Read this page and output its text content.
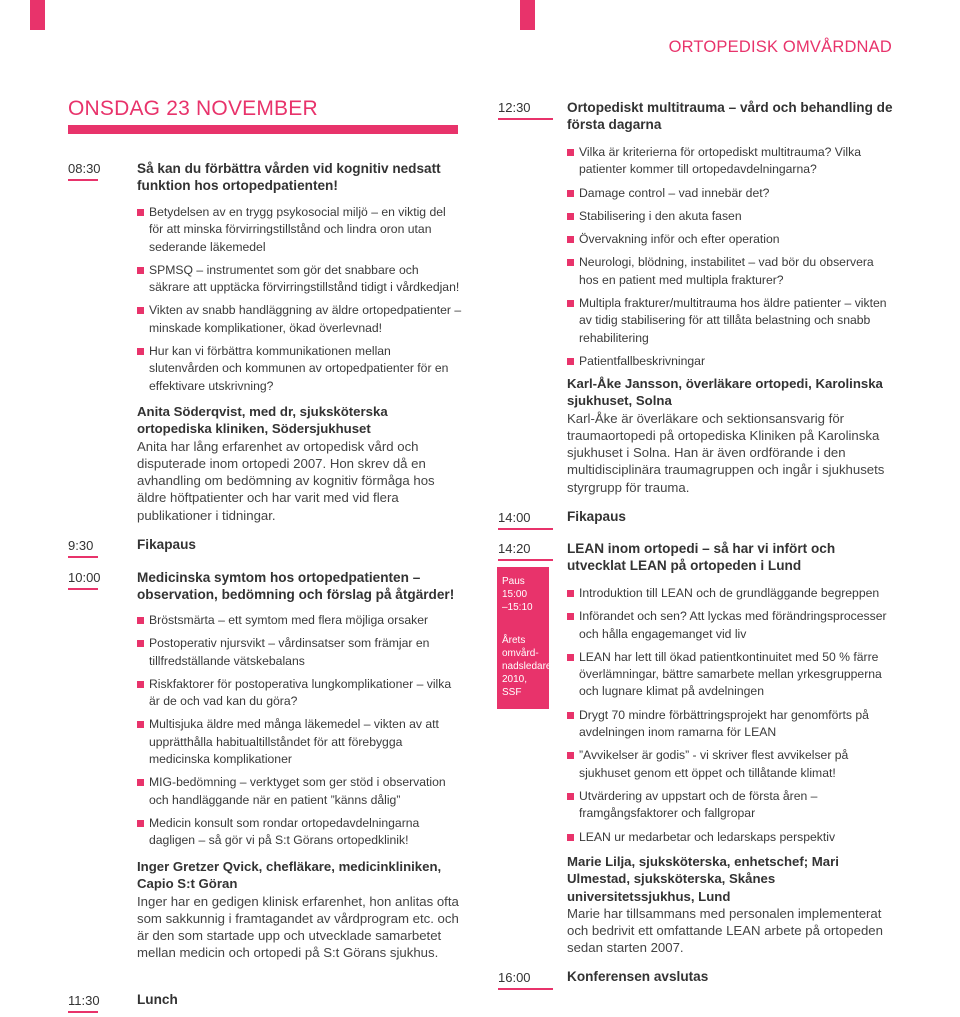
ORTOPEDISK OMVÅRDNAD
ONSDAG 23 NOVEMBER
08:30	Så kan du förbättra vården vid kognitiv nedsatt funktion hos ortopedpatienten!
Betydelsen av en trygg psykosocial miljö – en viktig del för att minska förvirringstillstånd och lindra oron utan sederande läkemedel
SPMSQ – instrumentet som gör det snabbare och säkrare att upptäcka förvirringstillstånd tidigt i vårdkedjan!
Vikten av snabb handläggning av äldre ortopedpatienter – minskade komplikationer, ökad överlevnad!
Hur kan vi förbättra kommunikationen mellan slutenvården och kommunen av ortopedpatienter för en effektivare utskrivning?
Anita Söderqvist, med dr, sjuksköterska ortopediska kliniken, Södersjukhuset
Anita har lång erfarenhet av ortopedisk vård och disputerade inom ortopedi 2007. Hon skrev då en avhandling om bedömning av kognitiv förmåga hos äldre höftpatienter och har varit med vid flera publikationer i tidningar.
9:30	Fikapaus
10:00	Medicinska symtom hos ortopedpatienten – observation, bedömning och förslag på åtgärder!
Bröstsmärta – ett symtom med flera möjliga orsaker
Postoperativ njursvikt – vårdinsatser som främjar en tillfredställande vätskebalans
Riskfaktorer för postoperativa lungkomplikationer – vilka är de och vad kan du göra?
Multisjuka äldre med många läkemedel – vikten av att upprätthålla habitualtillståndet för att förebygga medicinska komplikationer
MIG-bedömning – verktyget som ger stöd i observation och handläggande när en patient ”känns dålig”
Medicin konsult som rondar ortopedavdelningarna dagligen – så gör vi på S:t Görans ortopedklinik!
Inger Gretzer Qvick, chefläkare, medicinkliniken, Capio S:t Göran
Inger har en gedigen klinisk erfarenhet, hon anlitas ofta som sakkunnig i framtagandet av vårdprogram etc. och är den som startade upp och utvecklade samarbetet mellan medicin och ortopedi på S:t Görans sjukhus.
11:30	Lunch
12:30	Ortopediskt multitrauma – vård och behandling de första dagarna
Vilka är kriterierna för ortopediskt multitrauma? Vilka patienter kommer till ortopedavdelningarna?
Damage control – vad innebär det?
Stabilisering i den akuta fasen
Övervakning inför och efter operation
Neurologi, blödning, instabilitet – vad bör du observera hos en patient med multipla frakturer?
Multipla frakturer/multitrauma hos äldre patienter – vikten av tidig stabilisering för att tillåta belastning och snabb rehabilitering
Patientfallbeskrivningar
Karl-Åke Jansson, överläkare ortopedi, Karolinska sjukhuset, Solna
Karl-Åke är överläkare och sektionsansvarig för traumaortopedi på ortopediska Kliniken på Karolinska sjukhuset i Solna. Han är även ordförande i den multidisciplinära traumagruppen och ingår i sjukhusets styrgrupp för trauma.
14:00	Fikapaus
14:20	LEAN inom ortopedi – så har vi infört och utvecklat LEAN på ortopeden i Lund
Paus
15:00
–15:10
Årets
omvård-
nadsledare
2010, SSF
Introduktion till LEAN och de grundläggande begreppen
Införandet och sen? Att lyckas med förändringsprocesser och hålla engagemanget vid liv
LEAN har lett till ökad patientkontinuitet med 50 % färre överlämningar, bättre samarbete mellan yrkesgrupperna och lugnare klimat på avdelningen
Drygt 70 mindre förbättringsprojekt har genomförts på avdelningen inom ramarna för LEAN
”Avvikelser är godis” - vi skriver flest avvikelser på sjukhuset genom ett öppet och tillåtande klimat!
Utvärdering av uppstart och de första åren – framgångsfaktorer och fallgropar
LEAN ur medarbetar och ledarskaps perspektiv
Marie Lilja, sjuksköterska, enhetschef; Mari Ulmestad, sjuksköterska, Skånes universitetssjukhus, Lund
Marie har tillsammans med personalen implementerat och bedrivit ett omfattande LEAN arbete på ortopeden sedan starten 2007.
16:00	Konferensen avslutas
